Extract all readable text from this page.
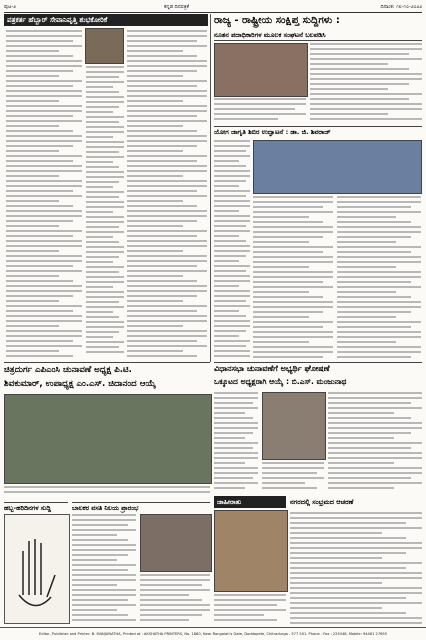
ಪುಟ-೨	ಕನ್ನಡ ದಿನಪತ್ರಿಕೆ	ದಿನಾಂಕ: ೧೮-೧೦-೨೦೨೨
ಪತ್ರಕರ್ತ ಹೆಬ್ಬಾರ್ ಸೇವಾನಿವೃತ್ತಿ ಶುಭಕೋರಿಕೆ	ರಾಜ್ಯ - ರಾಷ್ಟ್ರೀಯ ಸಂಕ್ಷಿಪ್ತ ಸುದ್ದಿಗಳು :
ನೂತನ ಪದಾಧಿಕಾರಿಗಳ ಮೂಲಕ ಸಂಘಟನೆ ಬಲಪಡಿಸಿ
ಯೋಗ ಜಾಗೃತಿ ಶಿಬಿರ ಉದ್ಘಾಟನೆ : ಡಾ. ಜಿ. ಶಿವರಾಜ್
ಚಿತ್ರದುರ್ಗ ಎಪಿಎಂಸಿ ಚುನಾವಣೆ ಅಧ್ಯಕ್ಷ ಪಿ.ಟಿ.
ಶಿವಕುಮಾರ್, ಉಪಾಧ್ಯಕ್ಷ ಎಂ.ಎಸ್. ಚಿದಾನಂದ ಆಯ್ಕೆ
ವಿಧಾನಸಭಾ ಚುನಾವಣೆಗೆ ಅಭ್ಯರ್ಥಿ ಘೋಷಣೆ
ಒಕ್ಕೂಟದ ಅಧ್ಯಕ್ಷರಾಗಿ ಆಯ್ಕೆ : ಬಿ.ಎಸ್. ಮಂಜುನಾಥ
ಹಬ್ಬ-ಹರಿದಿನಗಳ ಸುದ್ದಿ	ಬಾಲಕರ ವಸತಿ ನಿಲಯ ಪ್ರಾರಂಭ
ಜಾಹೀರಾತು	ನಗರದಲ್ಲಿ ಸಂಭ್ರಮದ ಆಚರಣೆ
Editor, Publisher and Printer: B. MANJUNATHA, Printed at : AKSHATHA PRINTERS, No. 1860, Near Rangaiah's Gate, Doddapete, Chitradurga - 577 501. Phone - Fax : 225048, Mobile: 94481 27655
